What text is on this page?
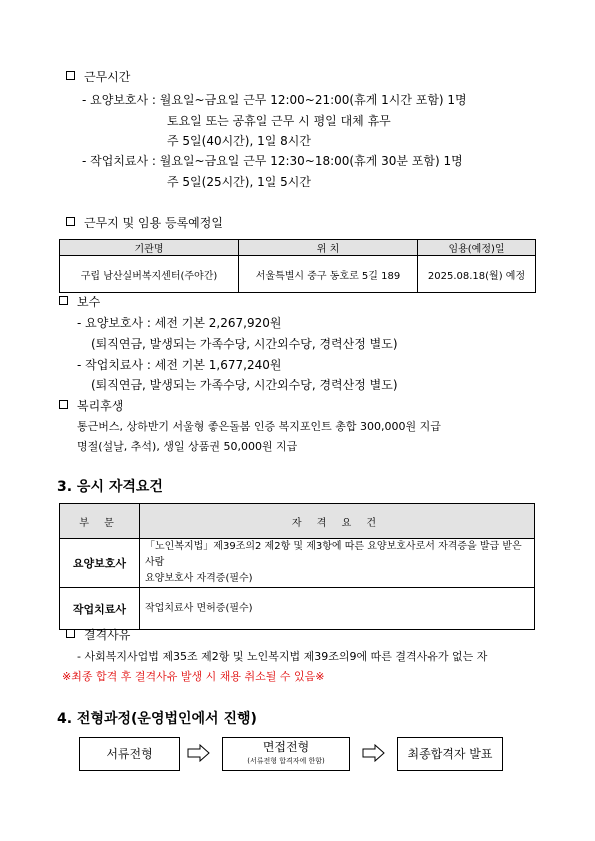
근무시간
- 요양보호사 : 월요일~금요일 근무 12:00~21:00(휴게 1시간 포함) 1명
토요일 또는 공휴일 근무 시 평일 대체 휴무
주 5일(40시간), 1일 8시간
- 작업치료사 : 월요일~금요일 근무 12:30~18:00(휴게 30분 포함) 1명
주 5일(25시간), 1일 5시간
근무지 및 임용 등록예정일
기관명	위 치	임용(예정)일
구립 남산실버복지센터(주야간)	서울특별시 중구 동호로 5길 189	2025.08.18(월) 예정
보수
- 요양보호사 : 세전 기본 2,267,920원
(퇴직연금, 발생되는 가족수당, 시간외수당, 경력산정 별도)
- 작업치료사 : 세전 기본 1,677,240원
(퇴직연금, 발생되는 가족수당, 시간외수당, 경력산정 별도)
복리후생
통근버스, 상하반기 서울형 좋은돌봄 인증 복지포인트 총합 300,000원 지급
명절(설날, 추석), 생일 상품권 50,000원 지급
3. 응시 자격요건
부 문	자 격 요 건
요양보호사	「노인복지법」제39조의2 제2항 및 제3항에 따른 요양보호사로서 자격증을 발급 받은 사람
요양보호사 자격증(필수)

작업치료사	작업치료사 면허증(필수)
결격사유
- 사회복지사업법 제35조 제2항 및 노인복지법 제39조의9에 따른 결격사유가 없는 자
※최종 합격 후 결격사유 발생 시 채용 취소될 수 있음※
4. 전형과정(운영법인에서 진행)
서류전형	면접전형
(서류전형 합격자에 한함)	최종합격자 발표
